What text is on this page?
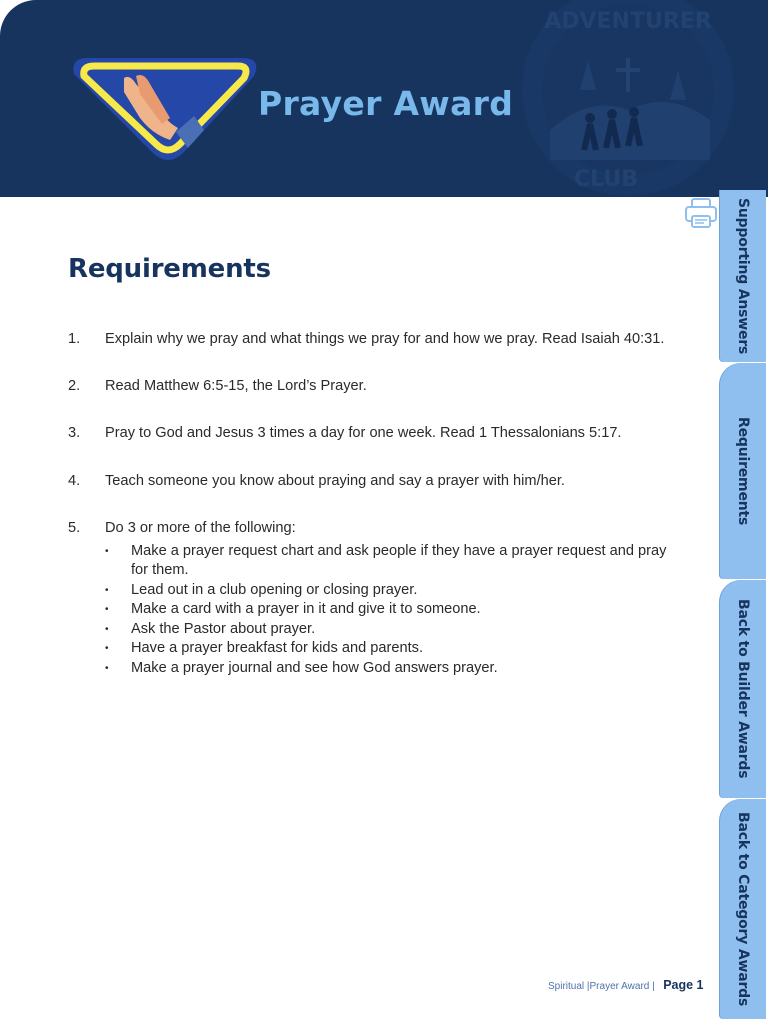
ADVENTURER
CLUB
Prayer Award
Supporting Answers
Requirements
Back to Builder Awards
Back to Category Awards
Requirements
1. Explain why we pray and what things we pray for and how we pray. Read Isaiah 40:31.
2. Read Matthew 6:5-15, the Lord’s Prayer.
3. Pray to God and Jesus 3 times a day for one week. Read 1 Thessalonians 5:17.
4. Teach someone you know about praying and say a prayer with him/her.
5. Do 3 or more of the following:
• Make a prayer request chart and ask people if they have a prayer request and pray for them.
• Lead out in a club opening or closing prayer.
• Make a card with a prayer in it and give it to someone.
• Ask the Pastor about prayer.
• Have a prayer breakfast for kids and parents.
• Make a prayer journal and see how God answers prayer.
Spiritual |Prayer Award | Page 1
